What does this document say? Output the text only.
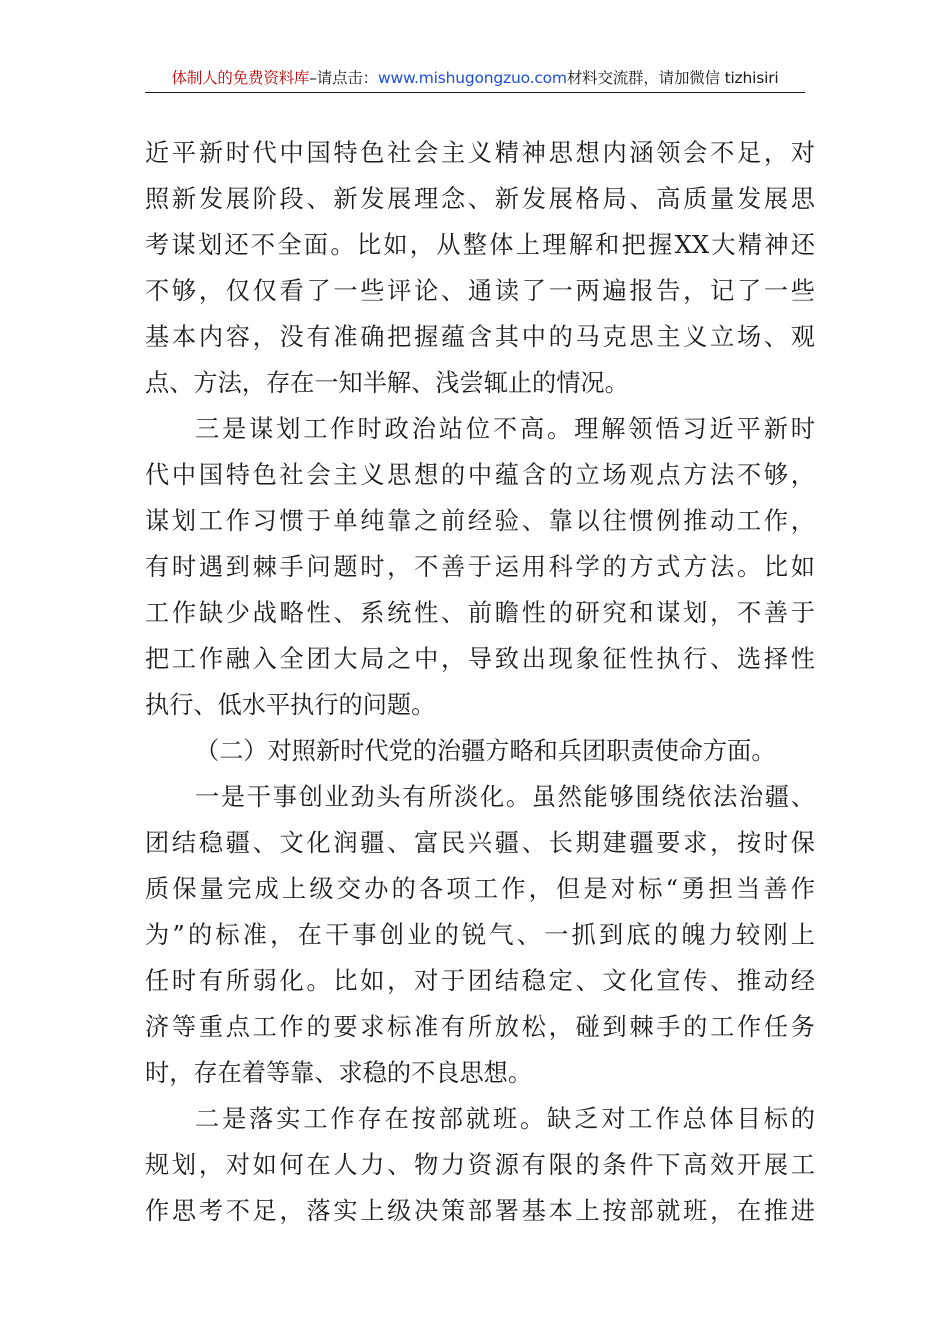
体制人的免费资料库–请点击：www.mishugongzuo.com材料交流群，请加微信 tizhisiri
近平新时代中国特色社会主义精神思想内涵领会不足，对
照新发展阶段、新发展理念、新发展格局、高质量发展思
考谋划还不全面。比如，从整体上理解和把握XX大精神还
不够，仅仅看了一些评论、通读了一两遍报告，记了一些
基本内容，没有准确把握蕴含其中的马克思主义立场、观
点、方法，存在一知半解、浅尝辄止的情况。
三是谋划工作时政治站位不高。理解领悟习近平新时
代中国特色社会主义思想的中蕴含的立场观点方法不够，
谋划工作习惯于单纯靠之前经验、靠以往惯例推动工作，
有时遇到棘手问题时，不善于运用科学的方式方法。比如
工作缺少战略性、系统性、前瞻性的研究和谋划，不善于
把工作融入全团大局之中，导致出现象征性执行、选择性
执行、低水平执行的问题。
（二）对照新时代党的治疆方略和兵团职责使命方面。
一是干事创业劲头有所淡化。虽然能够围绕依法治疆、
团结稳疆、文化润疆、富民兴疆、长期建疆要求，按时保
质保量完成上级交办的各项工作，但是对标“勇担当善作
为”的标准，在干事创业的锐气、一抓到底的魄力较刚上
任时有所弱化。比如，对于团结稳定、文化宣传、推动经
济等重点工作的要求标准有所放松，碰到棘手的工作任务
时，存在着等靠、求稳的不良思想。
二是落实工作存在按部就班。缺乏对工作总体目标的
规划，对如何在人力、物力资源有限的条件下高效开展工
作思考不足，落实上级决策部署基本上按部就班，在推进
